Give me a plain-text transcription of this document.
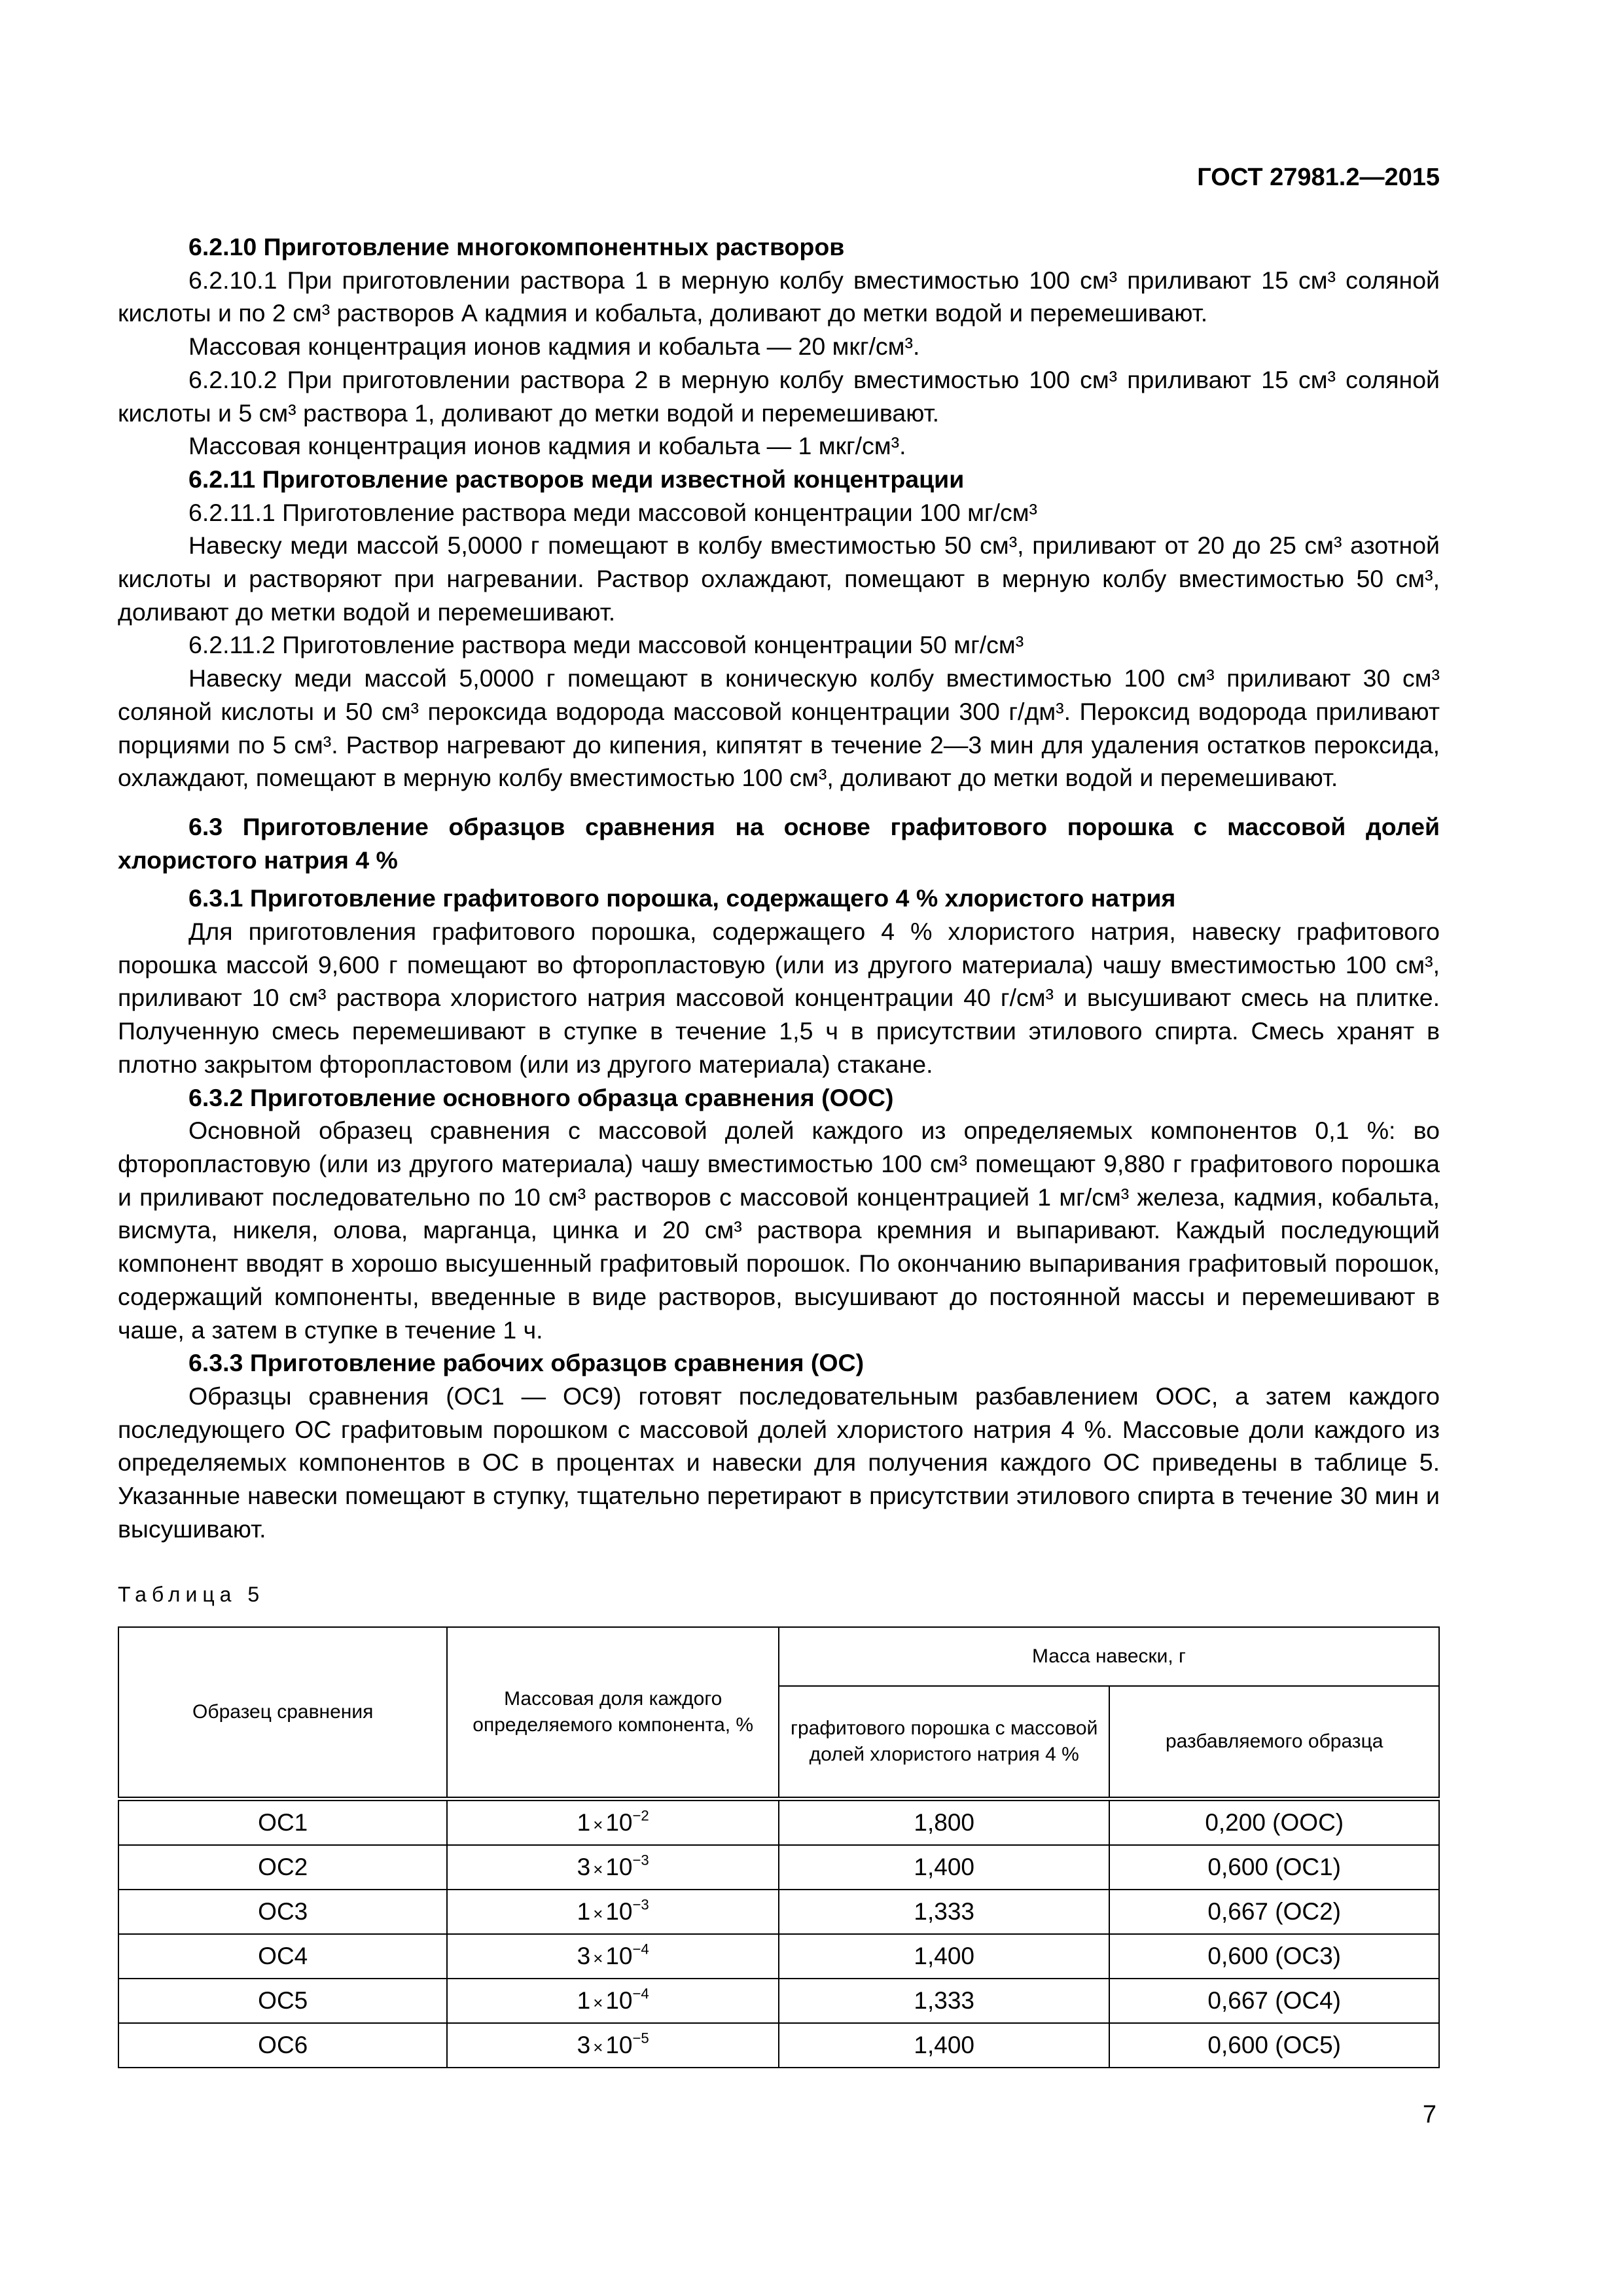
ГОСТ 27981.2—2015

6.2.10 Приготовление многокомпонентных растворов

6.2.10.1 При приготовлении раствора 1 в мерную колбу вместимостью 100 см³ приливают 15 см³ соляной кислоты и по 2 см³ растворов А кадмия и кобальта, доливают до метки водой и перемешивают.

Массовая концентрация ионов кадмия и кобальта — 20 мкг/см³.

6.2.10.2 При приготовлении раствора 2 в мерную колбу вместимостью 100 см³ приливают 15 см³ соляной кислоты и 5 см³ раствора 1, доливают до метки водой и перемешивают.

Массовая концентрация ионов кадмия и кобальта — 1 мкг/см³.

6.2.11 Приготовление растворов меди известной концентрации

6.2.11.1 Приготовление раствора меди массовой концентрации 100 мг/см³

Навеску меди массой 5,0000 г помещают в колбу вместимостью 50 см³, приливают от 20 до 25 см³ азотной кислоты и растворяют при нагревании. Раствор охлаждают, помещают в мерную колбу вместимостью 50 см³, доливают до метки водой и перемешивают.

6.2.11.2 Приготовление раствора меди массовой концентрации 50 мг/см³

Навеску меди массой 5,0000 г помещают в коническую колбу вместимостью 100 см³ приливают 30 см³ соляной кислоты и 50 см³ пероксида водорода массовой концентрации 300 г/дм³. Пероксид водорода приливают порциями по 5 см³. Раствор нагревают до кипения, кипятят в течение 2—3 мин для удаления остатков пероксида, охлаждают, помещают в мерную колбу вместимостью 100 см³, доливают до метки водой и перемешивают.

6.3 Приготовление образцов сравнения на основе графитового порошка с массовой долей хлористого натрия 4 %

6.3.1 Приготовление графитового порошка, содержащего 4 % хлористого натрия

Для приготовления графитового порошка, содержащего 4 % хлористого натрия, навеску графитового порошка массой 9,600 г помещают во фторопластовую (или из другого материала) чашу вместимостью 100 см³, приливают 10 см³ раствора хлористого натрия массовой концентрации 40 г/см³ и высушивают смесь на плитке. Полученную смесь перемешивают в ступке в течение 1,5 ч в присутствии этилового спирта. Смесь хранят в плотно закрытом фторопластовом (или из другого материала) стакане.

6.3.2 Приготовление основного образца сравнения (ООС)

Основной образец сравнения с массовой долей каждого из определяемых компонентов 0,1 %: во фторопластовую (или из другого материала) чашу вместимостью 100 см³ помещают 9,880 г графитового порошка и приливают последовательно по 10 см³ растворов с массовой концентрацией 1 мг/см³ железа, кадмия, кобальта, висмута, никеля, олова, марганца, цинка и 20 см³ раствора кремния и выпаривают. Каждый последующий компонент вводят в хорошо высушенный графитовый порошок. По окончанию выпаривания графитовый порошок, содержащий компоненты, введенные в виде растворов, высушивают до постоянной массы и перемешивают в чаше, а затем в ступке в течение 1 ч.

6.3.3 Приготовление рабочих образцов сравнения (ОС)

Образцы сравнения (ОС1 — ОС9) готовят последовательным разбавлением ООС, а затем каждого последующего ОС графитовым порошком с массовой долей хлористого натрия 4 %. Массовые доли каждого из определяемых компонентов в ОС в процентах и навески для получения каждого ОС приведены в таблице 5. Указанные навески помещают в ступку, тщательно перетирают в присутствии этилового спирта в течение 30 мин и высушивают.

Таблица 5
Образец сравнения	Массовая доля каждого определяемого компонента, %	Масса навески, г	
		графитового порошка с массовой долей хлористого натрия 4 %	разбавляемого образца
ОС1	$1 \times 10^{-2}$	1,800	0,200 (ООС)
ОС2	$3 \times 10^{-3}$	1,400	0,600 (ОС1)
ОС3	$1 \times 10^{-3}$	1,333	0,667 (ОС2)
ОС4	$3 \times 10^{-4}$	1,400	0,600 (ОС3)
ОС5	$1 \times 10^{-4}$	1,333	0,667 (ОС4)
ОС6	$3 \times 10^{-5}$	1,400	0,600 (ОС5)
7
